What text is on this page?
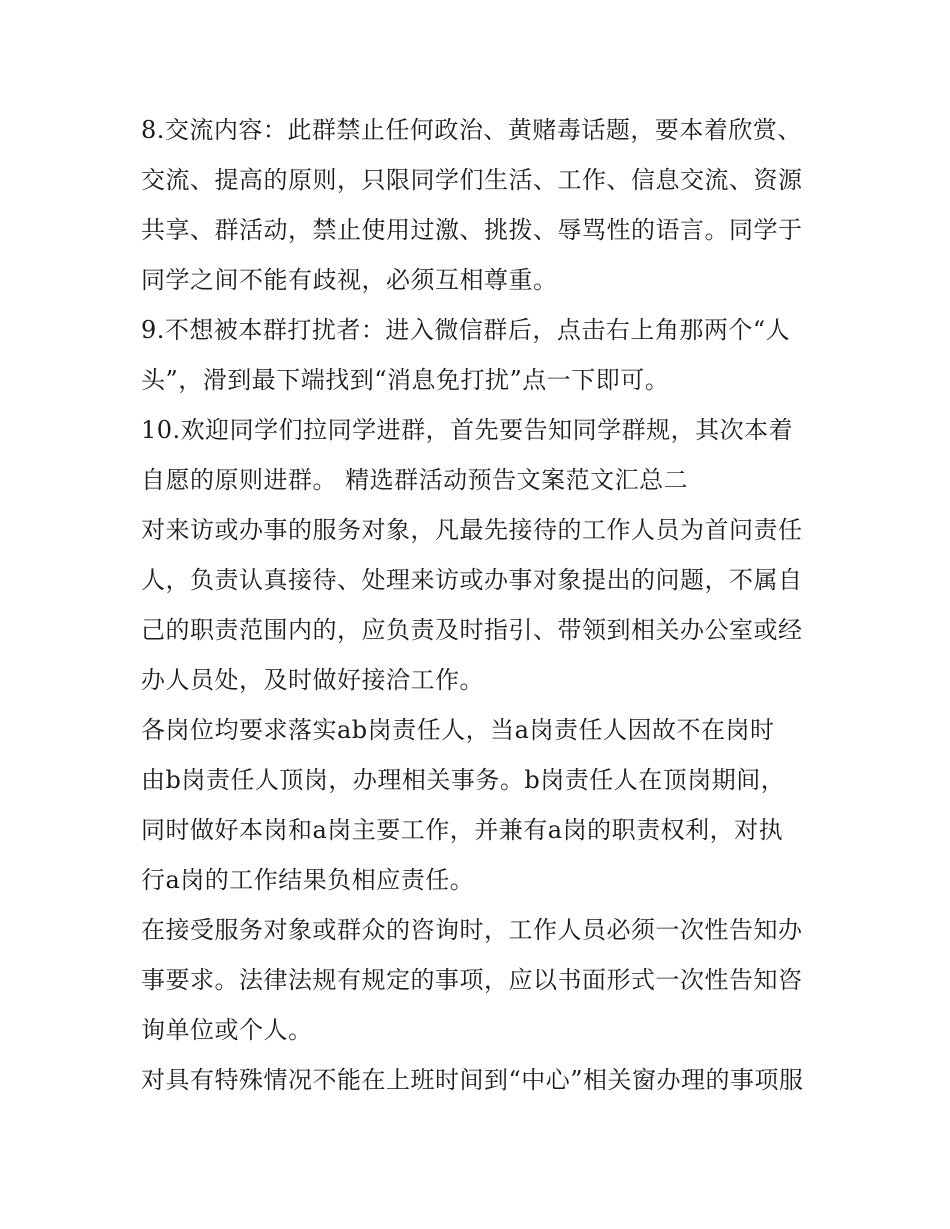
8.交流内容：此群禁止任何政治、黄赌毒话题，要本着欣赏、
交流、提高的原则，只限同学们生活、工作、信息交流、资源
共享、群活动，禁止使用过激、挑拨、辱骂性的语言。同学于
同学之间不能有歧视，必须互相尊重。
9.不想被本群打扰者：进入微信群后，点击右上角那两个“人
头”，滑到最下端找到“消息免打扰”点一下即可。
10.欢迎同学们拉同学进群，首先要告知同学群规，其次本着
自愿的原则进群。 精选群活动预告文案范文汇总二
对来访或办事的服务对象，凡最先接待的工作人员为首问责任
人，负责认真接待、处理来访或办事对象提出的问题，不属自
己的职责范围内的，应负责及时指引、带领到相关办公室或经
办人员处，及时做好接洽工作。
各岗位均要求落实ab岗责任人，当a岗责任人因故不在岗时
由b岗责任人顶岗，办理相关事务。b岗责任人在顶岗期间，
同时做好本岗和a岗主要工作，并兼有a岗的职责权利，对执
行a岗的工作结果负相应责任。
在接受服务对象或群众的咨询时，工作人员必须一次性告知办
事要求。法律法规有规定的事项，应以书面形式一次性告知咨
询单位或个人。
对具有特殊情况不能在上班时间到“中心”相关窗办理的事项服
